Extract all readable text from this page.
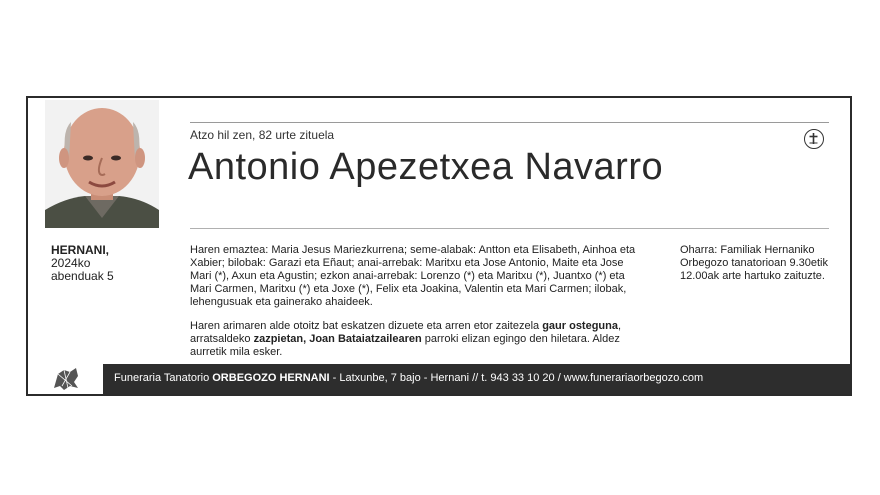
Atzo hil zen, 82 urte zituela
Antonio Apezetxea Navarro
HERNANI,
2024ko
abenduak 5

Haren emaztea: Maria Jesus Mariezkurrena; seme-alabak: Antton eta Elisabeth, Ainhoa eta Xabier; bilobak: Garazi eta Eñaut; anai-arrebak: Maritxu eta Jose Antonio, Maite eta Jose Mari (*), Axun eta Agustin; ezkon anai-arrebak: Lorenzo (*) eta Maritxu (*), Juantxo (*) eta Mari Carmen, Maritxu (*) eta Joxe (*), Felix eta Joakina, Valentin eta Mari Carmen; ilobak, lehengusuak eta gainerako ahaideek.

Haren arimaren alde otoitz bat eskatzen dizuete eta arren etor zaitezela gaur osteguna, arratsaldeko zazpietan, Joan Bataiatzailearen parroki elizan egingo den hiletara. Aldez aurretik mila esker.

Oharra: Familiak Hernaniko Orbegozo tanatorioan 9.30etik 12.00ak arte hartuko zaituzte.
Funeraria Tanatorio ORBEGOZO HERNANI - Latxunbe, 7 bajo - Hernani // t. 943 33 10 20 / www.funerariaorbegozo.com
